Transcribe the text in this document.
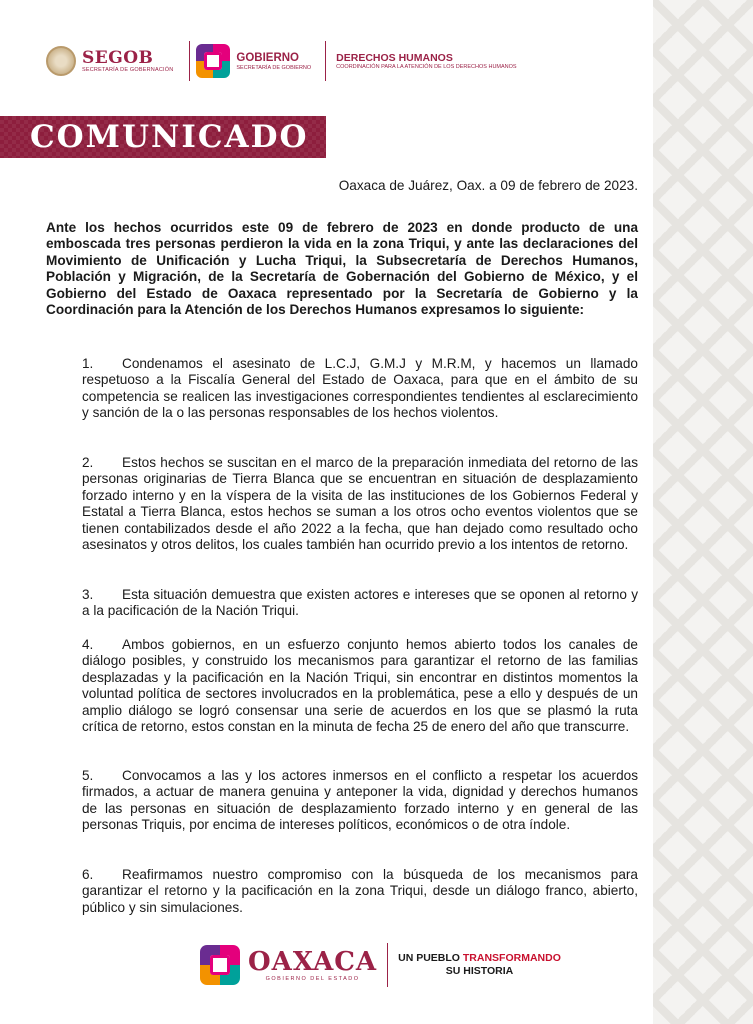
SEGOB
SECRETARÍA DE GOBERNACIÓN
GOBIERNO
SECRETARÍA DE GOBIERNO
DERECHOS HUMANOS
COORDINACIÓN PARA LA ATENCIÓN DE LOS DERECHOS HUMANOS
COMUNICADO
Oaxaca de Juárez, Oax. a 09 de febrero de 2023.
Ante los hechos ocurridos este 09 de febrero de 2023 en donde producto de una emboscada tres personas perdieron la vida en la zona Triqui, y ante las declaraciones del Movimiento de Unificación y Lucha Triqui, la Subsecretaría de Derechos Humanos, Población y Migración, de la Secretaría de Gobernación del Gobierno de México, y el Gobierno del Estado de Oaxaca representado por la Secretaría de Gobierno y la Coordinación para la Atención de los Derechos Humanos expresamos lo siguiente:
1. Condenamos el asesinato de L.C.J, G.M.J y M.R.M, y hacemos un llamado respetuoso a la Fiscalía General del Estado de Oaxaca, para que en el ámbito de su competencia se realicen las investigaciones correspondientes tendientes al esclarecimiento y sanción de la o las personas responsables de los hechos violentos.
2. Estos hechos se suscitan en el marco de la preparación inmediata del retorno de las personas originarias de Tierra Blanca que se encuentran en situación de desplazamiento forzado interno y en la víspera de la visita de las instituciones de los Gobiernos Federal y Estatal a Tierra Blanca, estos hechos se suman a los otros ocho eventos violentos que se tienen contabilizados desde el año 2022 a la fecha, que han dejado como resultado ocho asesinatos y otros delitos, los cuales también han ocurrido previo a los intentos de retorno.
3. Esta situación demuestra que existen actores e intereses que se oponen al retorno y a la pacificación de la Nación Triqui.
4. Ambos gobiernos, en un esfuerzo conjunto hemos abierto todos los canales de diálogo posibles, y construido los mecanismos para garantizar el retorno de las familias desplazadas y la pacificación en la Nación Triqui, sin encontrar en distintos momentos la voluntad política de sectores involucrados en la problemática, pese a ello y después de un amplio diálogo se logró consensar una serie de acuerdos en los que se plasmó la ruta crítica de retorno, estos constan en la minuta de fecha 25 de enero del año que transcurre.
5. Convocamos a las y los actores inmersos en el conflicto a respetar los acuerdos firmados, a actuar de manera genuina y anteponer la vida, dignidad y derechos humanos de las personas en situación de desplazamiento forzado interno y en general de las personas Triquis, por encima de intereses políticos, económicos o de otra índole.
6. Reafirmamos nuestro compromiso con la búsqueda de los mecanismos para garantizar el retorno y la pacificación en la zona Triqui, desde un diálogo franco, abierto, público y sin simulaciones.
OAXACA
GOBIERNO DEL ESTADO
UN PUEBLO TRANSFORMANDO
SU HISTORIA
